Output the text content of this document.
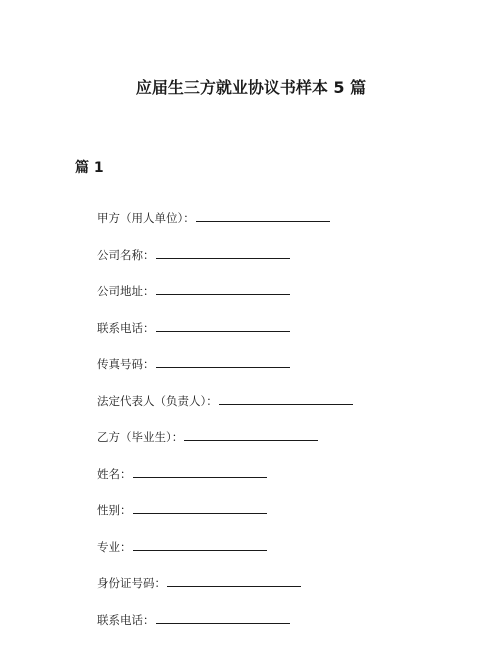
应届生三方就业协议书样本 5 篇
篇 1
甲方（用人单位）：
公司名称：
公司地址：
联系电话：
传真号码：
法定代表人（负责人）：
乙方（毕业生）：
姓名：
性别：
专业：
身份证号码：
联系电话：
